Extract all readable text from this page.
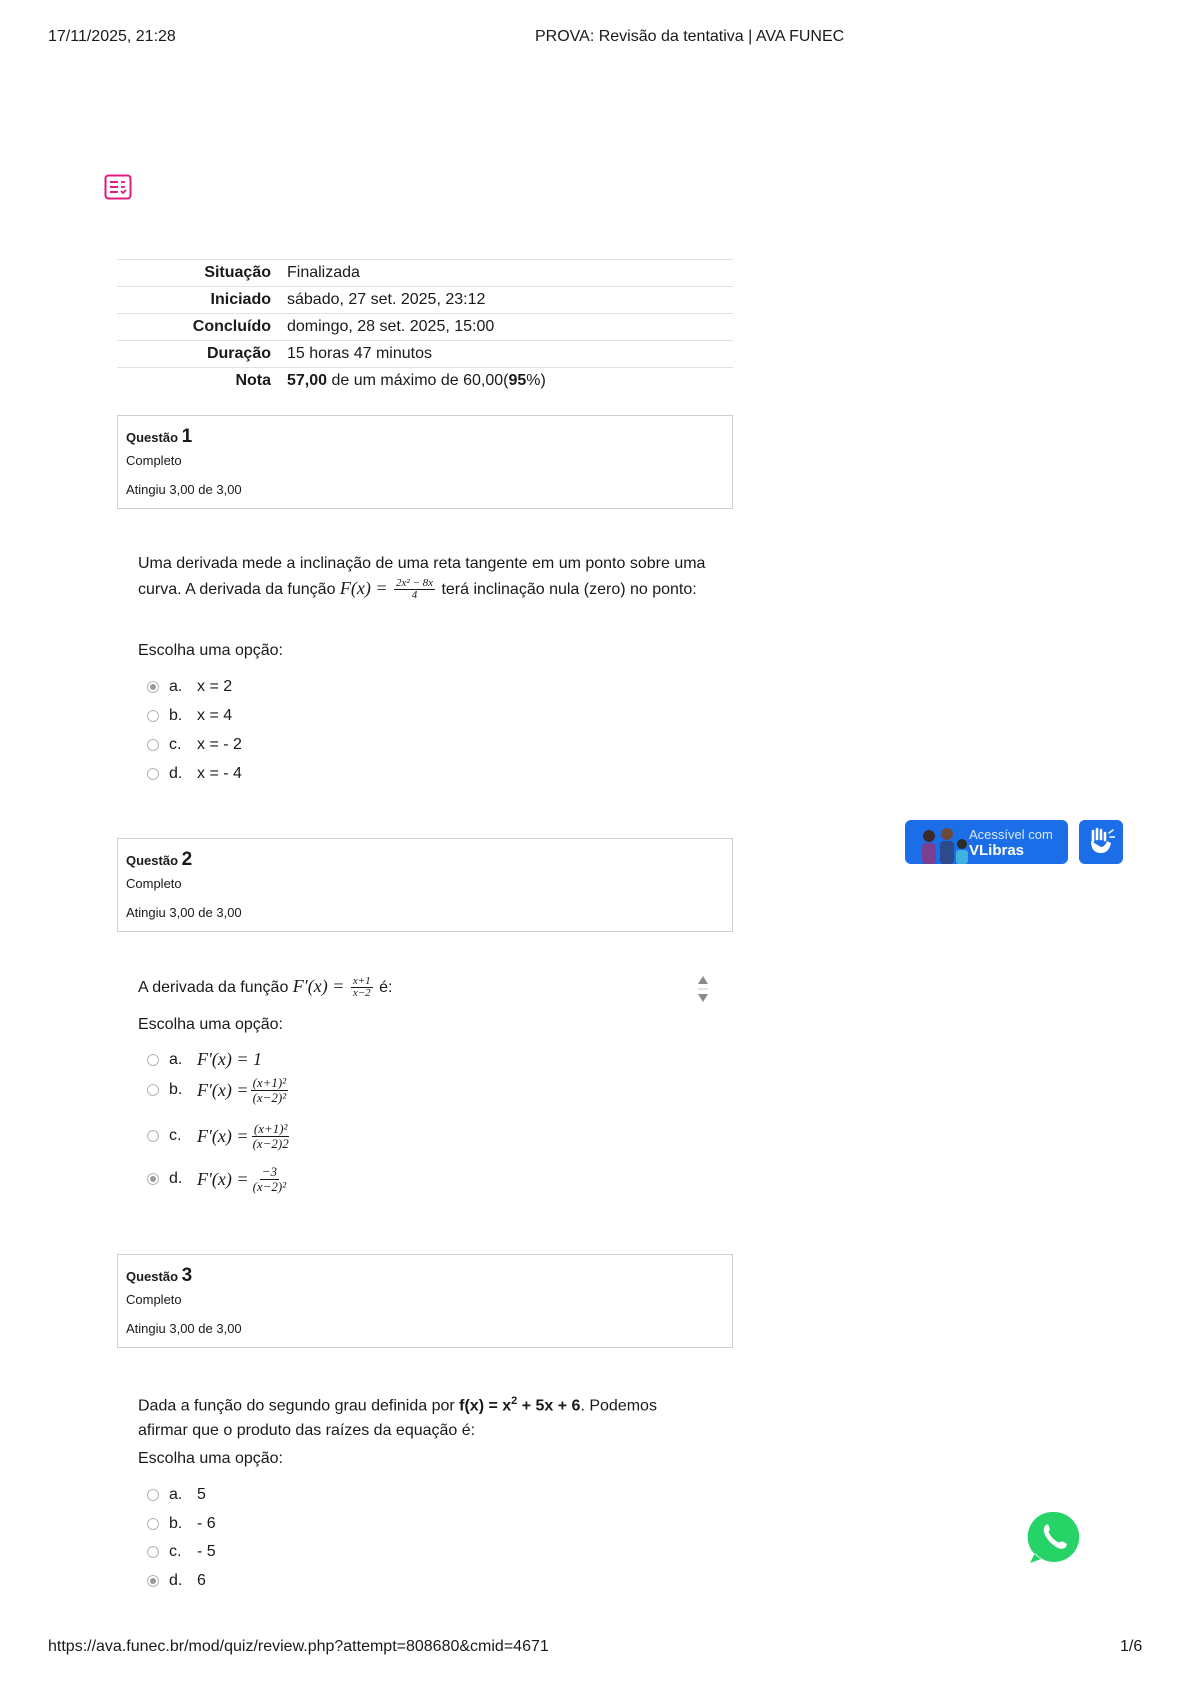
17/11/2025, 21:28	PROVA: Revisão da tentativa | AVA FUNEC
Situação	Finalizada
Iniciado	sábado, 27 set. 2025, 23:12
Concluído	domingo, 28 set. 2025, 15:00
Duração	15 horas 47 minutos
Nota	57,00 de um máximo de 60,00(95%)
Questão 1
Completo
Atingiu 3,00 de 3,00
Uma derivada mede a inclinação de uma reta tangente em um ponto sobre uma curva. A derivada da função $F(x) = \frac{\text{2x² − 8x}}{4}$ terá inclinação nula (zero) no ponto:
Escolha uma opção:
a. x = 2
b. x = 4
c. x = - 2
d. x = - 4
Questão 2
Completo
Atingiu 3,00 de 3,00
A derivada da função $F'(x) = \frac{x+1}{x-2}$ é:
Escolha uma opção:
a. F′(x) = 1
b. $F'(x) = \frac{\text{(x+1)²}}{\text{(x−2)²}}$
c. $F'(x) = \frac{\text{(x+1)²}}{(x-2)2}$
d. $F'(x) = \frac{-3}{\text{(x−2)²}}$
Questão 3
Completo
Atingiu 3,00 de 3,00
Dada a função do segundo grau definida por $f(x) = x^2 + 5x + 6$. Podemos afirmar que o produto das raízes da equação é:
Escolha uma opção:
a. 5
b. - 6
c. - 5
d. 6
Acessível com
VLibras
https://ava.funec.br/mod/quiz/review.php?attempt=808680&cmid=4671	1/6
